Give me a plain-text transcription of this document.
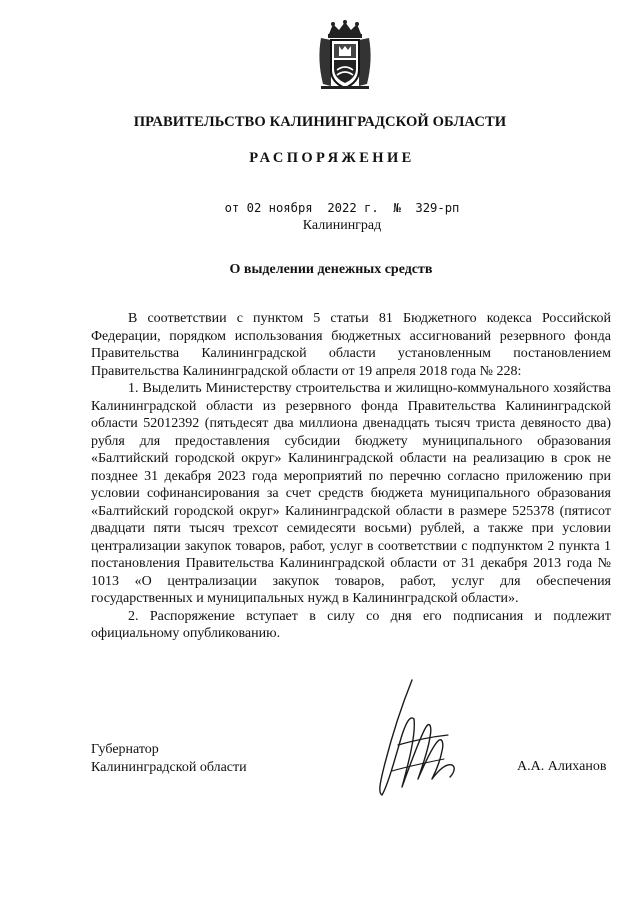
ПРАВИТЕЛЬСТВО КАЛИНИНГРАДСКОЙ ОБЛАСТИ
РАСПОРЯЖЕНИЕ
от 02 ноября  2022 г.  №  329-рп
Калининград
О выделении денежных средств

В соответствии с пунктом 5 статьи 81 Бюджетного кодекса Российской Федерации, порядком использования бюджетных ассигнований резервного фонда Правительства Калининградской области установленным постановлением Правительства Калининградской области от 19 апреля 2018 года № 228:

1. Выделить Министерству строительства и жилищно-коммунального хозяйства Калининградской области из резервного фонда Правительства Калининградской области 52012392 (пятьдесят два миллиона двенадцать тысяч триста девяносто два) рубля для предоставления субсидии бюджету муниципального образования «Балтийский городской округ» Калининградской области на реализацию в срок не позднее 31 декабря 2023 года мероприятий по перечню согласно приложению при условии софинансирования за счет средств бюджета муниципального образования «Балтийский городской округ» Калининградской области в размере 525378 (пятисот двадцати пяти тысяч трехсот семидесяти восьми) рублей, а также при условии централизации закупок товаров, работ, услуг в соответствии с подпунктом 2 пункта 1 постановления Правительства Калининградской области от 31 декабря 2013 года № 1013 «О централизации закупок товаров, работ, услуг для обеспечения государственных и муниципальных нужд в Калининградской области».

2. Распоряжение вступает в силу со дня его подписания и подлежит официальному опубликованию.

Губернатор
Калининградской области	А.А. Алиханов
